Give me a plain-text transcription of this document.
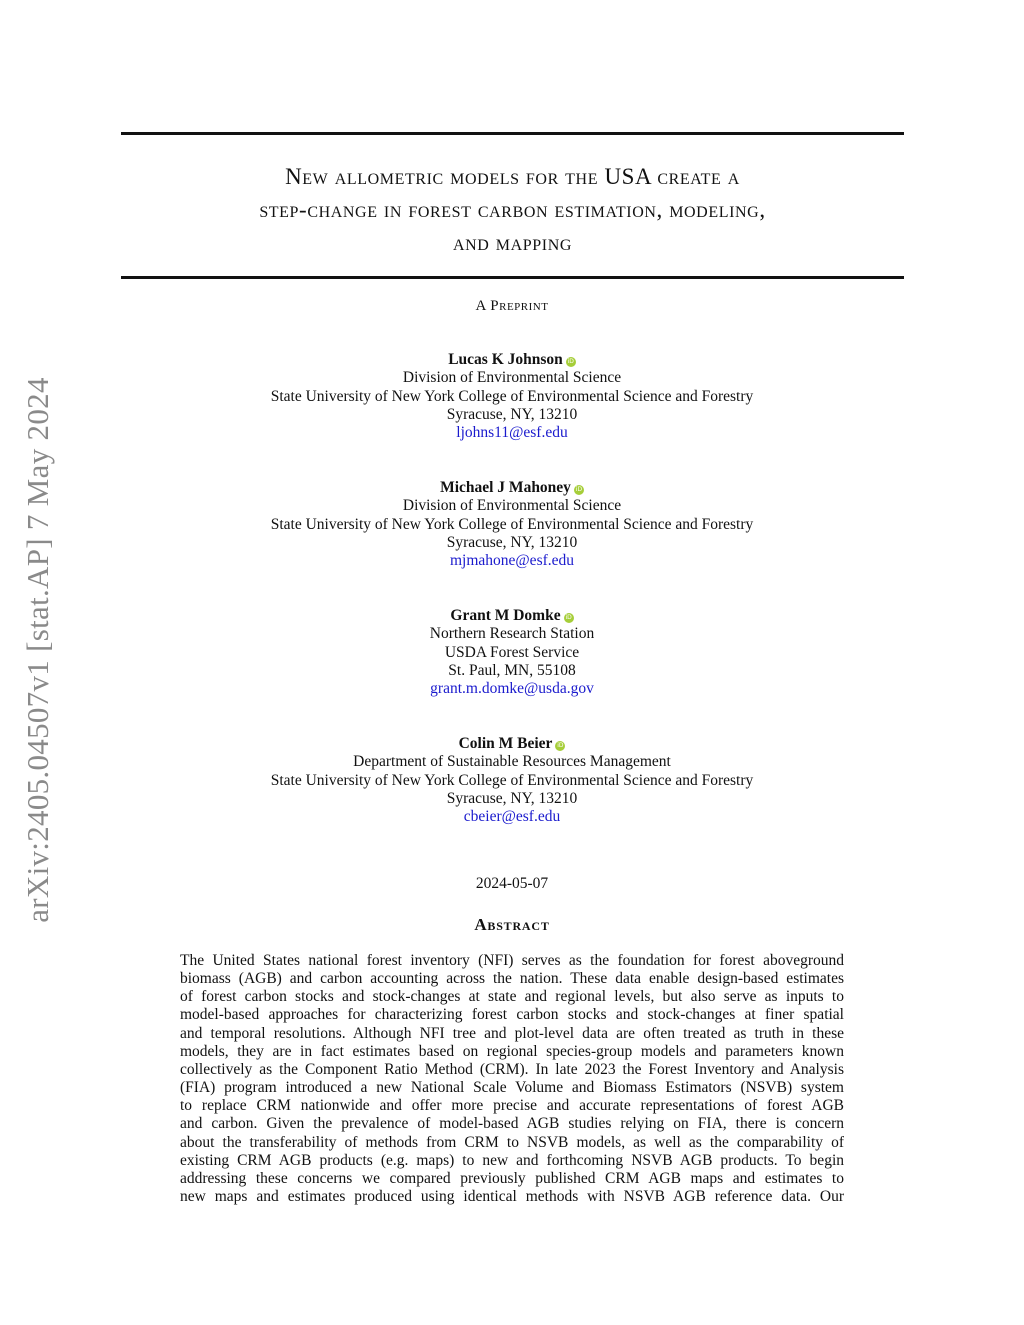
arXiv:2405.04507v1 [stat.AP] 7 May 2024
New allometric models for the USA create a
step-change in forest carbon estimation, modeling,
and mapping
A Preprint
Lucas K Johnson iD
Division of Environmental Science
State University of New York College of Environmental Science and Forestry
Syracuse, NY, 13210
ljohns11@esf.edu
Michael J Mahoney iD
Division of Environmental Science
State University of New York College of Environmental Science and Forestry
Syracuse, NY, 13210
mjmahone@esf.edu
Grant M Domke iD
Northern Research Station
USDA Forest Service
St. Paul, MN, 55108
grant.m.domke@usda.gov
Colin M Beier iD
Department of Sustainable Resources Management
State University of New York College of Environmental Science and Forestry
Syracuse, NY, 13210
cbeier@esf.edu
2024-05-07
Abstract
The United States national forest inventory (NFI) serves as the foundation for forest aboveground
biomass (AGB) and carbon accounting across the nation. These data enable design-based estimates
of forest carbon stocks and stock-changes at state and regional levels, but also serve as inputs to
model-based approaches for characterizing forest carbon stocks and stock-changes at finer spatial
and temporal resolutions. Although NFI tree and plot-level data are often treated as truth in these
models, they are in fact estimates based on regional species-group models and parameters known
collectively as the Component Ratio Method (CRM). In late 2023 the Forest Inventory and Analysis
(FIA) program introduced a new National Scale Volume and Biomass Estimators (NSVB) system
to replace CRM nationwide and offer more precise and accurate representations of forest AGB
and carbon. Given the prevalence of model-based AGB studies relying on FIA, there is concern
about the transferability of methods from CRM to NSVB models, as well as the comparability of
existing CRM AGB products (e.g. maps) to new and forthcoming NSVB AGB products. To begin
addressing these concerns we compared previously published CRM AGB maps and estimates to
new maps and estimates produced using identical methods with NSVB AGB reference data. Our
